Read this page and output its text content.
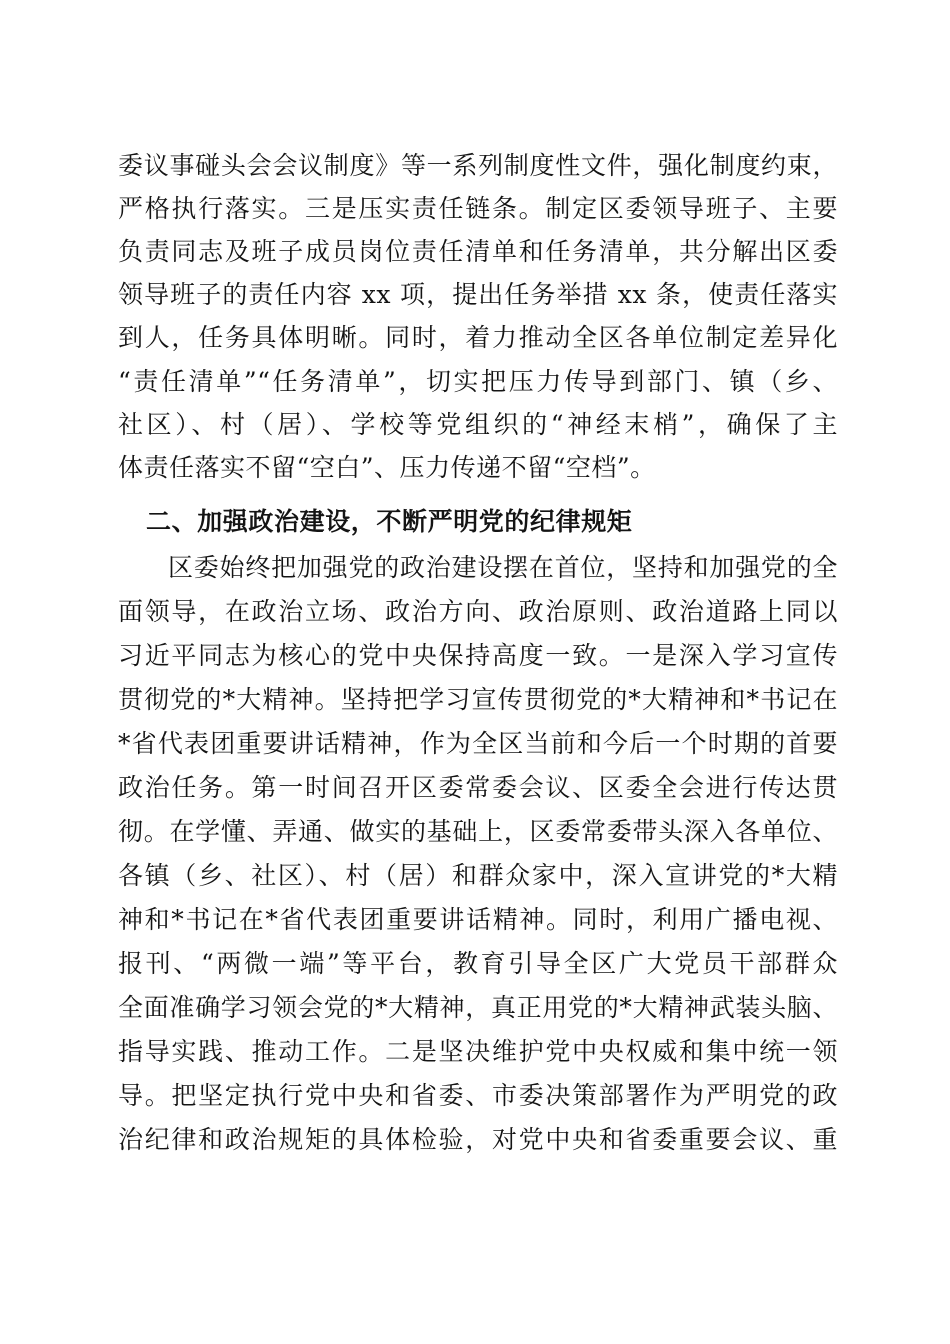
委议事碰头会会议制度》等一系列制度性文件，强化制度约束，
严格执行落实。三是压实责任链条。制定区委领导班子、主要
负责同志及班子成员岗位责任清单和任务清单，共分解出区委
领导班子的责任内容 xx 项，提出任务举措 xx 条，使责任落实
到人，任务具体明晰。同时，着力推动全区各单位制定差异化
“责任清单”“任务清单”，切实把压力传导到部门、镇（乡、
社区）、村（居）、学校等党组织的“神经末梢”，确保了主
体责任落实不留“空白”、压力传递不留“空档”。
二、加强政治建设，不断严明党的纪律规矩
区委始终把加强党的政治建设摆在首位，坚持和加强党的全
面领导，在政治立场、政治方向、政治原则、政治道路上同以
习近平同志为核心的党中央保持高度一致。一是深入学习宣传
贯彻党的*大精神。坚持把学习宣传贯彻党的*大精神和*书记在
*省代表团重要讲话精神，作为全区当前和今后一个时期的首要
政治任务。第一时间召开区委常委会议、区委全会进行传达贯
彻。在学懂、弄通、做实的基础上，区委常委带头深入各单位、
各镇（乡、社区）、村（居）和群众家中，深入宣讲党的*大精
神和*书记在*省代表团重要讲话精神。同时，利用广播电视、
报刊、“两微一端”等平台，教育引导全区广大党员干部群众
全面准确学习领会党的*大精神，真正用党的*大精神武装头脑、
指导实践、推动工作。二是坚决维护党中央权威和集中统一领
导。把坚定执行党中央和省委、市委决策部署作为严明党的政
治纪律和政治规矩的具体检验，对党中央和省委重要会议、重
